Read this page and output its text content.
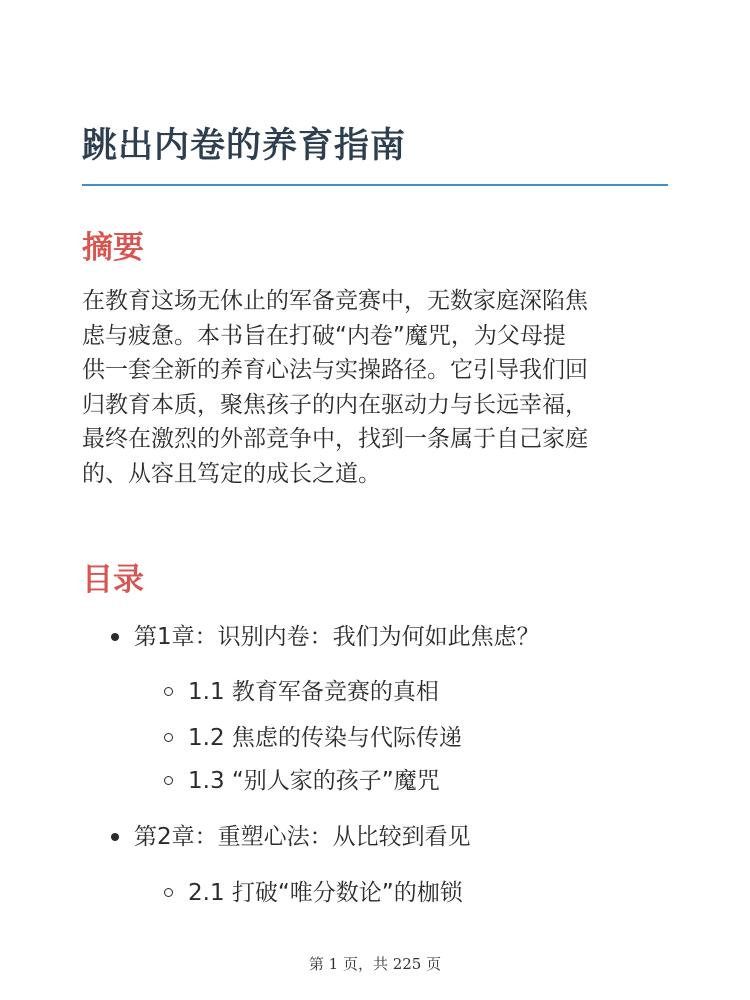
跳出内卷的养育指南
摘要

在教育这场无休止的军备竞赛中，无数家庭深陷焦
虑与疲惫。本书旨在打破“内卷”魔咒，为父母提
供一套全新的养育心法与实操路径。它引导我们回
归教育本质，聚焦孩子的内在驱动力与长远幸福，
最终在激烈的外部竞争中，找到一条属于自己家庭
的、从容且笃定的成长之道。

目录
第1章：识别内卷：我们为何如此焦虑？
1.1 教育军备竞赛的真相
1.2 焦虑的传染与代际传递
1.3 “别人家的孩子”魔咒
第2章：重塑心法：从比较到看见
2.1 打破“唯分数论”的枷锁
第 1 页，共 225 页
